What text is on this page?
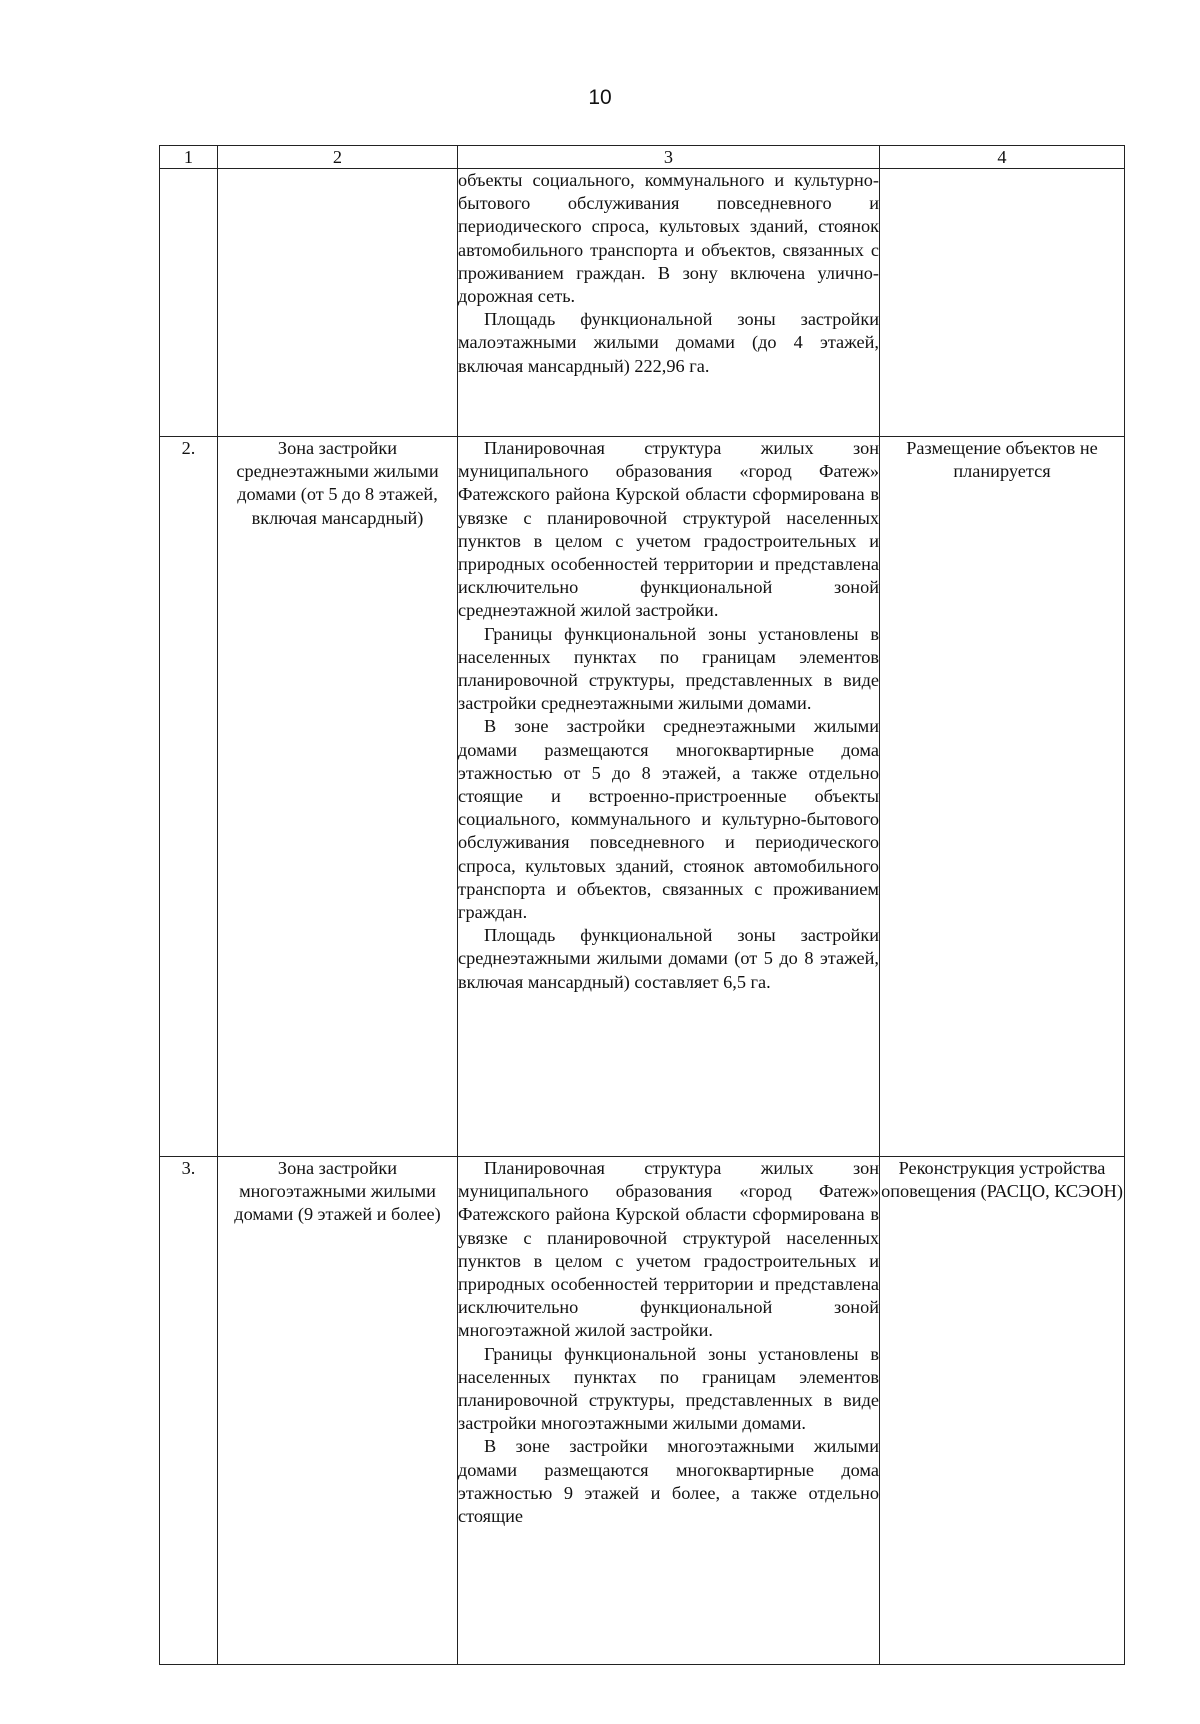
10
1	2	3	4

		объекты социального, коммунального и культурно-бытового обслуживания повседневного и периодического спроса, культовых зданий, стоянок автомобильного транспорта и объектов, связанных с проживанием граждан. В зону включена улично-дорожная сеть.

Площадь функциональной зоны застройки малоэтажными жилыми домами (до 4 этажей, включая мансардный) 222,96 га.	

2.	Зона застройки среднеэтажными жилыми домами (от 5 до 8 этажей, включая мансардный)	Планировочная структура жилых зон муниципального образования «город Фатеж» Фатежского района Курской области сформирована в увязке с планировочной структурой населенных пунктов в целом с учетом градостроительных и природных особенностей территории и представлена исключительно функциональной зоной среднеэтажной жилой застройки.

Границы функциональной зоны установлены в населенных пунктах по границам элементов планировочной структуры, представленных в виде застройки среднеэтажными жилыми домами.

В зоне застройки среднеэтажными жилыми домами размещаются многоквартирные дома этажностью от 5 до 8 этажей, а также отдельно стоящие и встроенно-пристроенные объекты социального, коммунального и культурно-бытового обслуживания повседневного и периодического спроса, культовых зданий, стоянок автомобильного транспорта и объектов, связанных с проживанием граждан.

Площадь функциональной зоны застройки среднеэтажными жилыми домами (от 5 до 8 этажей, включая мансардный) составляет 6,5 га.	Размещение объектов не планируется
3.	Зона застройки многоэтажными жилыми домами (9 этажей и более)	Планировочная структура жилых зон муниципального образования «город Фатеж» Фатежского района Курской области сформирована в увязке с планировочной структурой населенных пунктов в целом с учетом градостроительных и природных особенностей территории и представлена исключительно функциональной зоной многоэтажной жилой застройки.

Границы функциональной зоны установлены в населенных пунктах по границам элементов планировочной структуры, представленных в виде застройки многоэтажными жилыми домами.

В зоне застройки многоэтажными жилыми домами размещаются многоквартирные дома этажностью 9 этажей и более, а также отдельно стоящие	Реконструкция устройства оповещения (РАСЦО, КСЭОН)
